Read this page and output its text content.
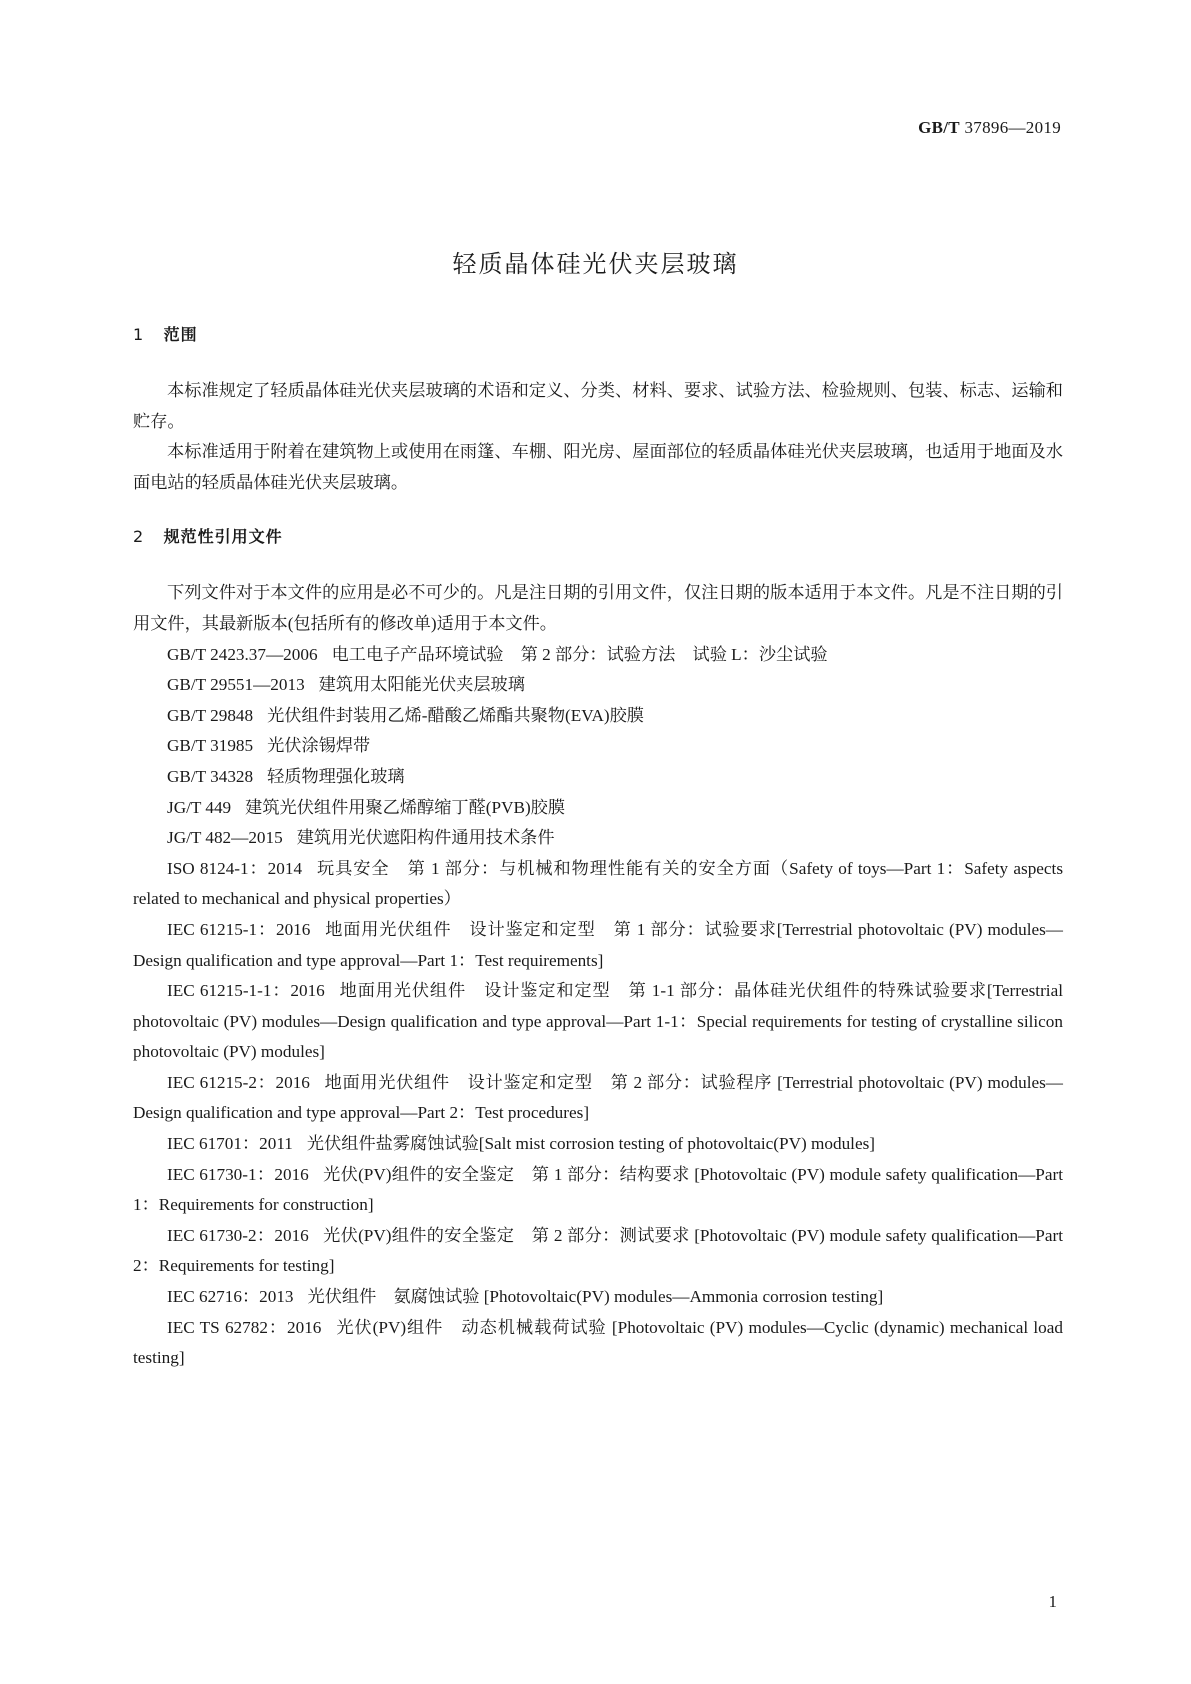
GB/T 37896—2019
轻质晶体硅光伏夹层玻璃
1 范围

本标准规定了轻质晶体硅光伏夹层玻璃的术语和定义、分类、材料、要求、试验方法、检验规则、包装、标志、运输和贮存。

本标准适用于附着在建筑物上或使用在雨篷、车棚、阳光房、屋面部位的轻质晶体硅光伏夹层玻璃，也适用于地面及水面电站的轻质晶体硅光伏夹层玻璃。

2 规范性引用文件

下列文件对于本文件的应用是必不可少的。凡是注日期的引用文件，仅注日期的版本适用于本文件。凡是不注日期的引用文件，其最新版本(包括所有的修改单)适用于本文件。

GB/T 2423.37—2006 电工电子产品环境试验　第 2 部分：试验方法　试验 L：沙尘试验

GB/T 29551—2013 建筑用太阳能光伏夹层玻璃

GB/T 29848 光伏组件封装用乙烯-醋酸乙烯酯共聚物(EVA)胶膜

GB/T 31985 光伏涂锡焊带

GB/T 34328 轻质物理强化玻璃

JG/T 449 建筑光伏组件用聚乙烯醇缩丁醛(PVB)胶膜

JG/T 482—2015 建筑用光伏遮阳构件通用技术条件

ISO 8124-1：2014 玩具安全　第 1 部分：与机械和物理性能有关的安全方面（Safety of toys—Part 1：Safety aspects related to mechanical and physical properties）

IEC 61215-1：2016 地面用光伏组件　设计鉴定和定型　第 1 部分：试验要求[Terrestrial photovoltaic (PV) modules—Design qualification and type approval—Part 1：Test requirements]

IEC 61215-1-1：2016 地面用光伏组件　设计鉴定和定型　第 1-1 部分：晶体硅光伏组件的特殊试验要求[Terrestrial photovoltaic (PV) modules—Design qualification and type approval—Part 1-1：Special requirements for testing of crystalline silicon photovoltaic (PV) modules]

IEC 61215-2：2016 地面用光伏组件　设计鉴定和定型　第 2 部分：试验程序 [Terrestrial photovoltaic (PV) modules—Design qualification and type approval—Part 2：Test procedures]

IEC 61701：2011 光伏组件盐雾腐蚀试验[Salt mist corrosion testing of photovoltaic(PV) modules]

IEC 61730-1：2016 光伏(PV)组件的安全鉴定　第 1 部分：结构要求 [Photovoltaic (PV) module safety qualification—Part 1：Requirements for construction]

IEC 61730-2：2016 光伏(PV)组件的安全鉴定　第 2 部分：测试要求 [Photovoltaic (PV) module safety qualification—Part 2：Requirements for testing]

IEC 62716：2013 光伏组件　氨腐蚀试验 [Photovoltaic(PV) modules—Ammonia corrosion testing]

IEC TS 62782：2016 光伏(PV)组件　动态机械载荷试验 [Photovoltaic (PV) modules—Cyclic (dynamic) mechanical load testing]

1
